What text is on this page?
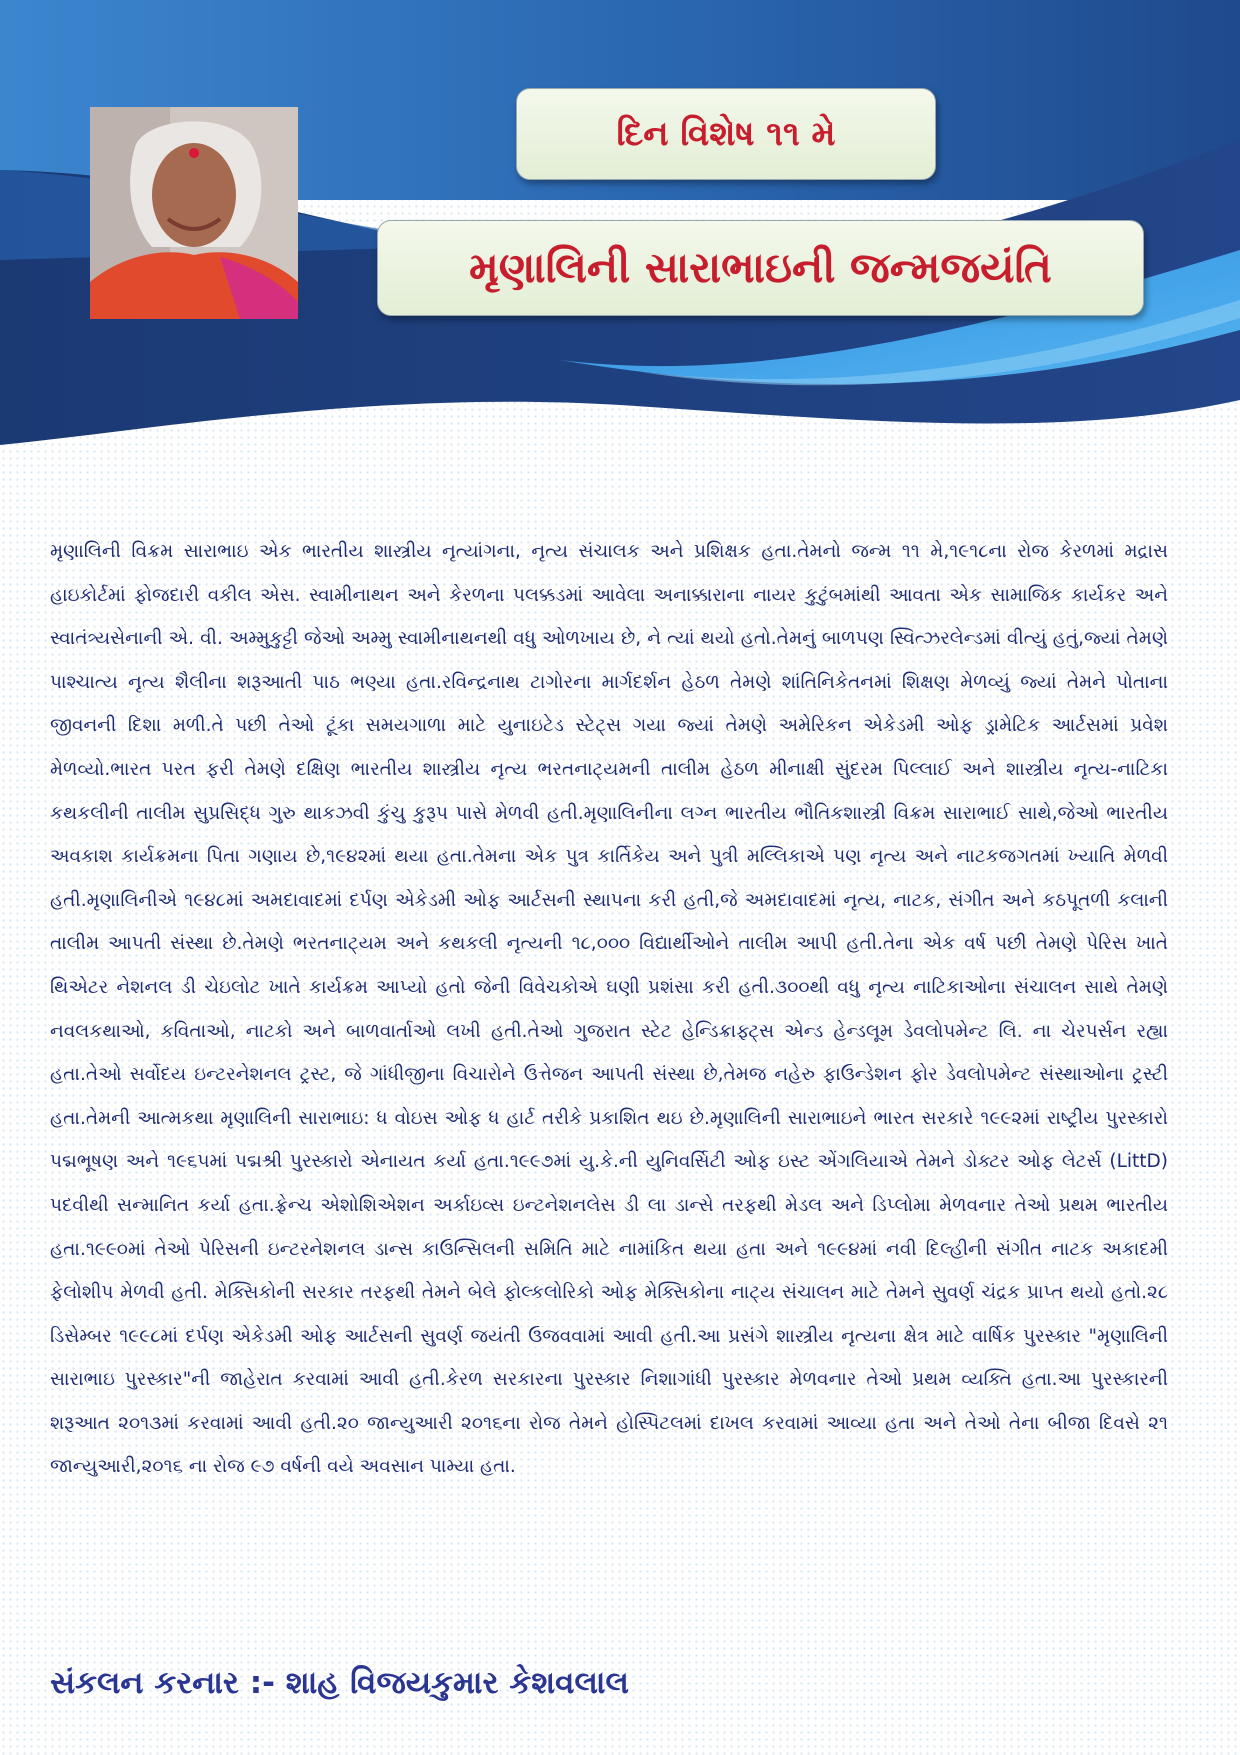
દિન વિશેષ ૧૧ મે
મૃણાલિની સારાભાઇની જન્મજયંતિ

મૃણાલિની વિક્રમ સારાભાઇ એક ભારતીય શાસ્ત્રીય નૃત્યાંગના, નૃત્ય સંચાલક અને પ્રશિક્ષક હતા.તેમનો જન્મ ૧૧ મે,૧૯૧૮ના રોજ કેરળમાં મદ્રાસ હાઇકોર્ટમાં ફોજદારી વકીલ એસ. સ્વામીનાથન અને કેરળના પલક્કડમાં આવેલા અનાક્કારાના નાયર કુટુંબમાંથી આવતા એક સામાજિક કાર્યકર અને સ્વાતંત્ર્યસેનાની એ. વી. અમ્મુકુટ્ટી જેઓ અમ્મુ સ્વામીનાથનથી વધુ ઓળખાય છે, ને ત્યાં થયો હતો.તેમનું બાળપણ સ્વિત્ઝરલેન્ડમાં વીત્યું હતું,જ્યાં તેમણે પાશ્ચાત્ય નૃત્ય શૈલીના શરૂઆતી પાઠ ભણ્યા હતા.રવિન્દ્રનાથ ટાગોરના માર્ગદર્શન હેઠળ તેમણે શાંતિનિકેતનમાં શિક્ષણ મેળવ્યું જ્યાં તેમને પોતાના જીવનની દિશા મળી.તે પછી તેઓ ટૂંકા સમયગાળા માટે યુનાઇટેડ સ્ટેટ્સ ગયા જ્યાં તેમણે અમેરિકન એકેડમી ઓફ ડ્રામેટિક આર્ટસમાં પ્રવેશ મેળવ્યો.ભારત પરત ફરી તેમણે દક્ષિણ ભારતીય શાસ્ત્રીય નૃત્ય ભરતનાટ્યમની તાલીમ હેઠળ મીનાક્ષી સુંદરમ પિલ્લાઈ અને શાસ્ત્રીય નૃત્ય-નાટિકા કથકલીની તાલીમ સુપ્રસિદ્ધ ગુરુ થાકઝવી કુંચુ કુરૂપ પાસે મેળવી હતી.મૃણાલિનીના લગ્ન ભારતીય ભૌતિકશાસ્ત્રી વિક્રમ સારાભાઈ સાથે,જેઓ ભારતીય અવકાશ કાર્યક્રમના પિતા ગણાય છે,૧૯૪૨માં થયા હતા.તેમના એક પુત્ર કાર્તિકેય અને પુત્રી મલ્લિકાએ પણ નૃત્ય અને નાટકજગતમાં ખ્યાતિ મેળવી હતી.મૃણાલિનીએ ૧૯૪૮માં અમદાવાદમાં દર્પણ એકેડમી ઓફ આર્ટસની સ્થાપના કરી હતી,જે અમદાવાદમાં નૃત્ય, નાટક, સંગીત અને કઠપૂતળી કલાની તાલીમ આપતી સંસ્થા છે.તેમણે ભરતનાટ્યમ અને કથકલી નૃત્યની ૧૮,૦૦૦ વિદ્યાર્થીઓને તાલીમ આપી હતી.તેના એક વર્ષ પછી તેમણે પેરિસ ખાતે થિએટર નેશનલ ડી ચેઇલોટ ખાતે કાર્યક્રમ આપ્યો હતો જેની વિવેચકોએ ઘણી પ્રશંસા કરી હતી.૩૦૦થી વધુ નૃત્ય નાટિકાઓના સંચાલન સાથે તેમણે નવલકથાઓ, કવિતાઓ, નાટકો અને બાળવાર્તાઓ લખી હતી.તેઓ ગુજરાત સ્ટેટ હેન્ડિક્રાફ્ટ્સ એન્ડ હેન્ડલૂમ ડેવલોપમેન્ટ લિ. ના ચેરપર્સન રહ્યા હતા.તેઓ સર્વોદય ઇન્ટરનેશનલ ટ્રસ્ટ, જે ગાંધીજીના વિચારોને ઉત્તેજન આપતી સંસ્થા છે,તેમજ નહેરુ ફાઉન્ડેશન ફોર ડેવલોપમેન્ટ સંસ્થાઓના ટ્રસ્ટી હતા.તેમની આત્મકથા મૃણાલિની સારાભાઇ: ધ વોઇસ ઓફ ધ હાર્ટ તરીકે પ્રકાશિત થઇ છે.મૃણાલિની સારાભાઇને ભારત સરકારે ૧૯૯૨માં રાષ્ટ્રીય પુરસ્કારો પદ્મભૂષણ અને ૧૯૬૫માં પદ્મશ્રી પુરસ્કારો એનાયત કર્યા હતા.૧૯૯૭માં યુ.કે.ની યુનિવર્સિટી ઓફ ઇસ્ટ એંગલિયાએ તેમને ડોક્ટર ઓફ લેટર્સ (LittD) પદવીથી સન્માનિત કર્યા હતા.ફ્રેન્ચ એશોશિએશન અર્કાઇવ્સ ઇન્ટનેશનલેસ ડી લા ડાન્સે તરફથી મેડલ અને ડિપ્લોમા મેળવનાર તેઓ પ્રથમ ભારતીય હતા.૧૯૯૦માં તેઓ પેરિસની ઇન્ટરનેશનલ ડાન્સ કાઉન્સિલની સમિતિ માટે નામાંકિત થયા હતા અને ૧૯૯૪માં નવી દિલ્હીની સંગીત નાટક અકાદમી ફેલોશીપ મેળવી હતી. મેક્સિકોની સરકાર તરફથી તેમને બેલે ફોલ્કલોરિકો ઓફ મેક્સિકોના નાટ્ય સંચાલન માટે તેમને સુવર્ણ ચંદ્રક પ્રાપ્ત થયો હતો.૨૮ ડિસેમ્બર ૧૯૯૮માં દર્પણ એકેડમી ઓફ આર્ટસની સુવર્ણ જયંતી ઉજવવામાં આવી હતી.આ પ્રસંગે શાસ્ત્રીય નૃત્યના ક્ષેત્ર માટે વાર્ષિક પુરસ્કાર "મૃણાલિની સારાભાઇ પુરસ્કાર"ની જાહેરાત કરવામાં આવી હતી.કેરળ સરકારના પુરસ્કાર નિશાગાંધી પુરસ્કાર મેળવનાર તેઓ પ્રથમ વ્યક્તિ હતા.આ પુરસ્કારની શરૂઆત ૨૦૧૩માં કરવામાં આવી હતી.૨૦ જાન્યુઆરી ૨૦૧૬ના રોજ તેમને હોસ્પિટલમાં દાખલ કરવામાં આવ્યા હતા અને તેઓ તેના બીજા દિવસે ૨૧ જાન્યુઆરી,૨૦૧૬ ના રોજ ૯૭ વર્ષની વયે અવસાન પામ્યા હતા.

સંકલન કરનાર :- શાહ વિજયકુમાર કેશવલાલ
